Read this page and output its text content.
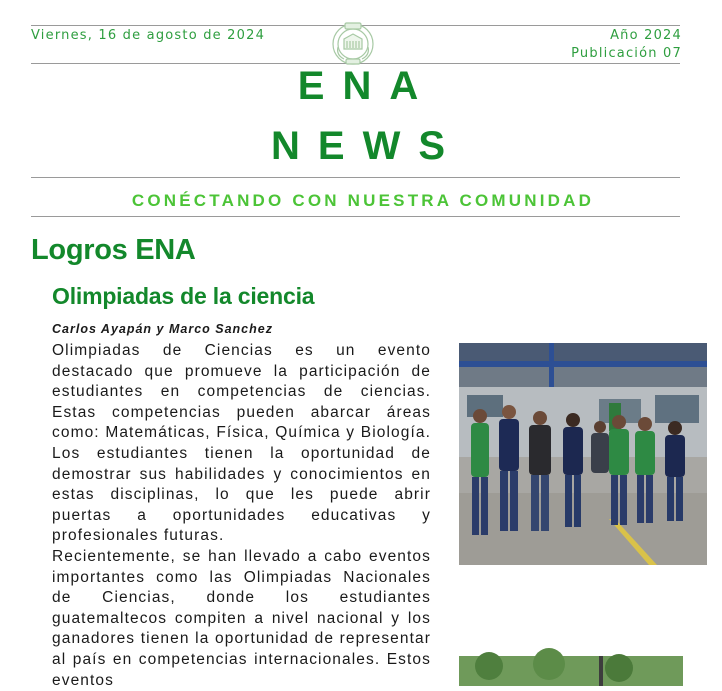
Viernes, 16 de agosto de 2024	Año 2024
Publicación 07
ENA
NEWS
CONÉCTANDO CON NUESTRA COMUNIDAD
Logros ENA
Olimpiadas de la ciencia
Carlos Ayapán y Marco Sanchez

Olimpiadas de Ciencias es un evento destacado que promueve la participación de estudiantes en competencias de ciencias. Estas competencias pueden abarcar áreas como: Matemáticas, Física, Química y Biología. Los estudiantes tienen la oportunidad de demostrar sus habilidades y conocimientos en estas disciplinas, lo que les puede abrir puertas a oportunidades educativas y profesionales futuras.

Recientemente, se han llevado a cabo eventos importantes como las Olimpiadas Nacionales de Ciencias, donde los estudiantes guatemaltecos compiten a nivel nacional y los ganadores tienen la oportunidad de representar al país en competencias internacionales. Estos eventos
